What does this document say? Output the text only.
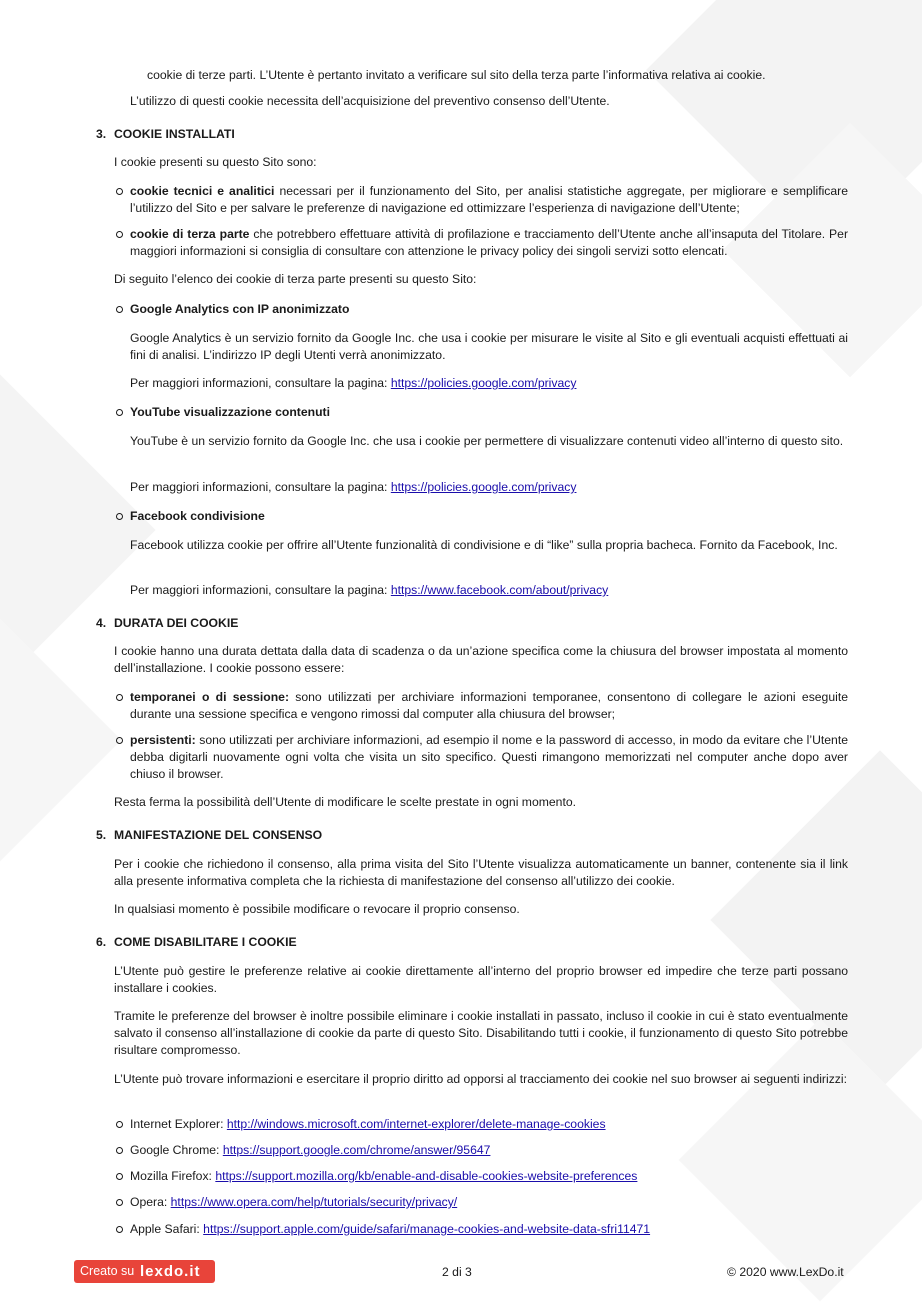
cookie di terze parti. L’Utente è pertanto invitato a verificare sul sito della terza parte l’informativa relativa ai cookie.

L’utilizzo di questi cookie necessita dell’acquisizione del preventivo consenso dell’Utente.

3. COOKIE INSTALLATI

I cookie presenti su questo Sito sono:

cookie tecnici e analitici necessari per il funzionamento del Sito, per analisi statistiche aggregate, per migliorare e semplificare l’utilizzo del Sito e per salvare le preferenze di navigazione ed ottimizzare l’esperienza di navigazione dell’Utente;

cookie di terza parte che potrebbero effettuare attività di profilazione e tracciamento dell’Utente anche all’insaputa del Titolare. Per maggiori informazioni si consiglia di consultare con attenzione le privacy policy dei singoli servizi sotto elencati.

Di seguito l’elenco dei cookie di terza parte presenti su questo Sito:

Google Analytics con IP anonimizzato

Google Analytics è un servizio fornito da Google Inc. che usa i cookie per misurare le visite al Sito e gli eventuali acquisti effettuati ai fini di analisi. L’indirizzo IP degli Utenti verrà anonimizzato.

Per maggiori informazioni, consultare la pagina: https://policies.google.com/privacy

YouTube visualizzazione contenuti

YouTube è un servizio fornito da Google Inc. che usa i cookie per permettere di visualizzare contenuti video all’interno di questo sito.

Per maggiori informazioni, consultare la pagina: https://policies.google.com/privacy

Facebook condivisione

Facebook utilizza cookie per offrire all’Utente funzionalità di condivisione e di “like” sulla propria bacheca. Fornito da Facebook, Inc.

Per maggiori informazioni, consultare la pagina: https://www.facebook.com/about/privacy

4. DURATA DEI COOKIE

I cookie hanno una durata dettata dalla data di scadenza o da un’azione specifica come la chiusura del browser impostata al momento dell’installazione. I cookie possono essere:

temporanei o di sessione: sono utilizzati per archiviare informazioni temporanee, consentono di collegare le azioni eseguite durante una sessione specifica e vengono rimossi dal computer alla chiusura del browser;

persistenti: sono utilizzati per archiviare informazioni, ad esempio il nome e la password di accesso, in modo da evitare che l’Utente debba digitarli nuovamente ogni volta che visita un sito specifico. Questi rimangono memorizzati nel computer anche dopo aver chiuso il browser.

Resta ferma la possibilità dell’Utente di modificare le scelte prestate in ogni momento.

5. MANIFESTAZIONE DEL CONSENSO

Per i cookie che richiedono il consenso, alla prima visita del Sito l’Utente visualizza automaticamente un banner, contenente sia il link alla presente informativa completa che la richiesta di manifestazione del consenso all’utilizzo dei cookie.

In qualsiasi momento è possibile modificare o revocare il proprio consenso.

6. COME DISABILITARE I COOKIE

L’Utente può gestire le preferenze relative ai cookie direttamente all’interno del proprio browser ed impedire che terze parti possano installare i cookies.

Tramite le preferenze del browser è inoltre possibile eliminare i cookie installati in passato, incluso il cookie in cui è stato eventualmente salvato il consenso all’installazione di cookie da parte di questo Sito. Disabilitando tutti i cookie, il funzionamento di questo Sito potrebbe risultare compromesso.

L’Utente può trovare informazioni e esercitare il proprio diritto ad opporsi al tracciamento dei cookie nel suo browser ai seguenti indirizzi:

Internet Explorer: http://windows.microsoft.com/internet-explorer/delete-manage-cookies

Google Chrome: https://support.google.com/chrome/answer/95647

Mozilla Firefox: https://support.mozilla.org/kb/enable-and-disable-cookies-website-preferences

Opera: https://www.opera.com/help/tutorials/security/privacy/

Apple Safari: https://support.apple.com/guide/safari/manage-cookies-and-website-data-sfri11471

Creato su lexdo.it	2 di 3	© 2020 www.LexDo.it
